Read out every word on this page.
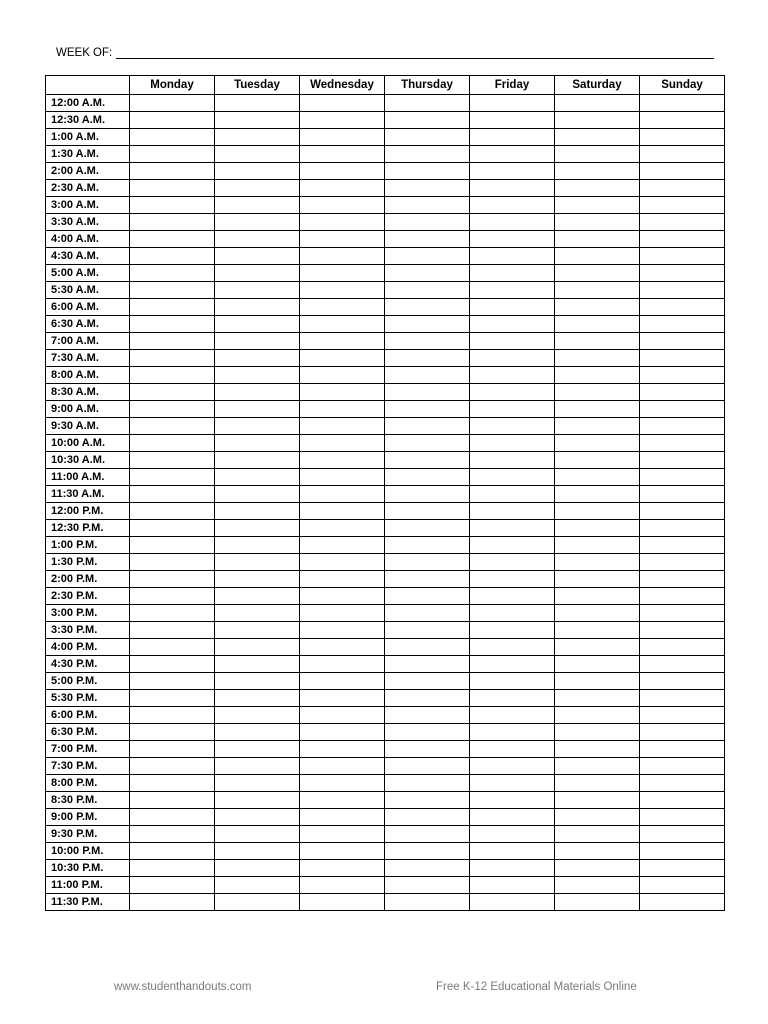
WEEK OF:
	Monday	Tuesday	Wednesday	Thursday	Friday	Saturday	Sunday
12:00 A.M.							
12:30 A.M.							
1:00 A.M.							
1:30 A.M.							
2:00 A.M.							
2:30 A.M.							
3:00 A.M.							
3:30 A.M.							
4:00 A.M.							
4:30 A.M.							
5:00 A.M.							
5:30 A.M.							
6:00 A.M.							
6:30 A.M.							
7:00 A.M.							
7:30 A.M.							
8:00 A.M.							
8:30 A.M.							
9:00 A.M.							
9:30 A.M.							
10:00 A.M.							
10:30 A.M.							
11:00 A.M.							
11:30 A.M.							
12:00 P.M.							
12:30 P.M.							
1:00 P.M.							
1:30 P.M.							
2:00 P.M.							
2:30 P.M.							
3:00 P.M.							
3:30 P.M.							
4:00 P.M.							
4:30 P.M.							
5:00 P.M.							
5:30 P.M.							
6:00 P.M.							
6:30 P.M.							
7:00 P.M.							
7:30 P.M.							
8:00 P.M.							
8:30 P.M.							
9:00 P.M.							
9:30 P.M.							
10:00 P.M.							
10:30 P.M.							
11:00 P.M.							
11:30 P.M.							
www.studenthandouts.com	Free K-12 Educational Materials Online
